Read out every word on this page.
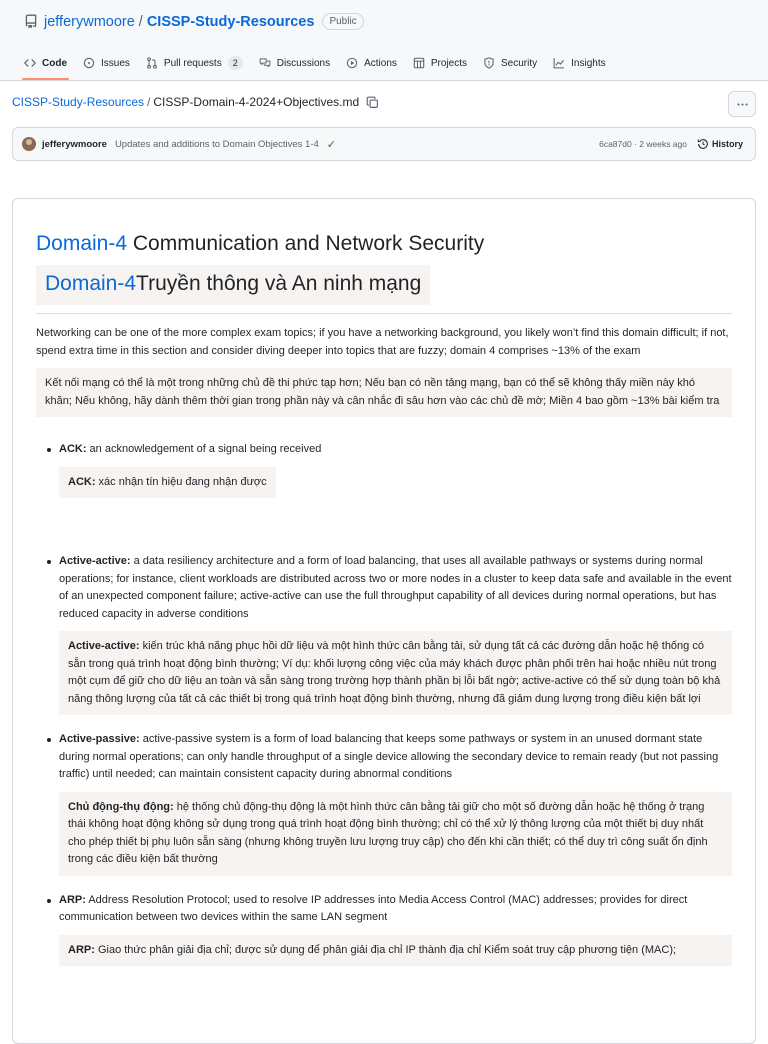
jefferywmoore / CISSP-Study-Resources	Public
Code	Issues	Pull requests	2	Discussions	Actions	Projects	Security	Insights
CISSP-Study-Resources / CISSP-Domain-4-2024+Objectives.md
jefferywmoore Updates and additions to Domain Objectives 1-4 ✓	6ca87d0 · 2 weeks ago	History
Domain-4 Communication and Network Security
Domain-4Truyền thông và An ninh mạng

Networking can be one of the more complex exam topics; if you have a networking background, you likely won’t find this domain difficult; if not, spend extra time in this section and consider diving deeper into topics that are fuzzy; domain 4 comprises ~13% of the exam

Kết nối mạng có thể là một trong những chủ đề thi phức tạp hơn; Nếu bạn có nền tảng mạng, bạn có thể sẽ không thấy miền này khó khăn; Nếu không, hãy dành thêm thời gian trong phần này và cân nhắc đi sâu hơn vào các chủ đề mờ; Miền 4 bao gồm ~13% bài kiểm tra
ACK: an acknowledgement of a signal being received
ACK: xác nhận tín hiệu đang nhận được
Active-active: a data resiliency architecture and a form of load balancing, that uses all available pathways or systems during normal operations; for instance, client workloads are distributed across two or more nodes in a cluster to keep data safe and available in the event of an unexpected component failure; active-active can use the full throughput capability of all devices during normal operations, but has reduced capacity in adverse conditions
Active-active: kiến trúc khả năng phục hồi dữ liệu và một hình thức cân bằng tải, sử dụng tất cả các đường dẫn hoặc hệ thống có sẵn trong quá trình hoạt động bình thường; Ví dụ: khối lượng công việc của máy khách được phân phối trên hai hoặc nhiều nút trong một cụm để giữ cho dữ liệu an toàn và sẵn sàng trong trường hợp thành phần bị lỗi bất ngờ; active-active có thể sử dụng toàn bộ khả năng thông lượng của tất cả các thiết bị trong quá trình hoạt động bình thường, nhưng đã giảm dung lượng trong điều kiện bất lợi
Active-passive: active-passive system is a form of load balancing that keeps some pathways or system in an unused dormant state during normal operations; can only handle throughput of a single device allowing the secondary device to remain ready (but not passing traffic) until needed; can maintain consistent capacity during abnormal conditions
Chủ động-thụ động: hệ thống chủ động-thụ động là một hình thức cân bằng tải giữ cho một số đường dẫn hoặc hệ thống ở trạng thái không hoạt động không sử dụng trong quá trình hoạt động bình thường; chỉ có thể xử lý thông lượng của một thiết bị duy nhất cho phép thiết bị phụ luôn sẵn sàng (nhưng không truyền lưu lượng truy cập) cho đến khi cần thiết; có thể duy trì công suất ổn định trong các điều kiện bất thường
ARP: Address Resolution Protocol; used to resolve IP addresses into Media Access Control (MAC) addresses; provides for direct communication between two devices within the same LAN segment
ARP: Giao thức phân giải địa chỉ; được sử dụng để phân giải địa chỉ IP thành địa chỉ Kiểm soát truy cập phương tiện (MAC);
